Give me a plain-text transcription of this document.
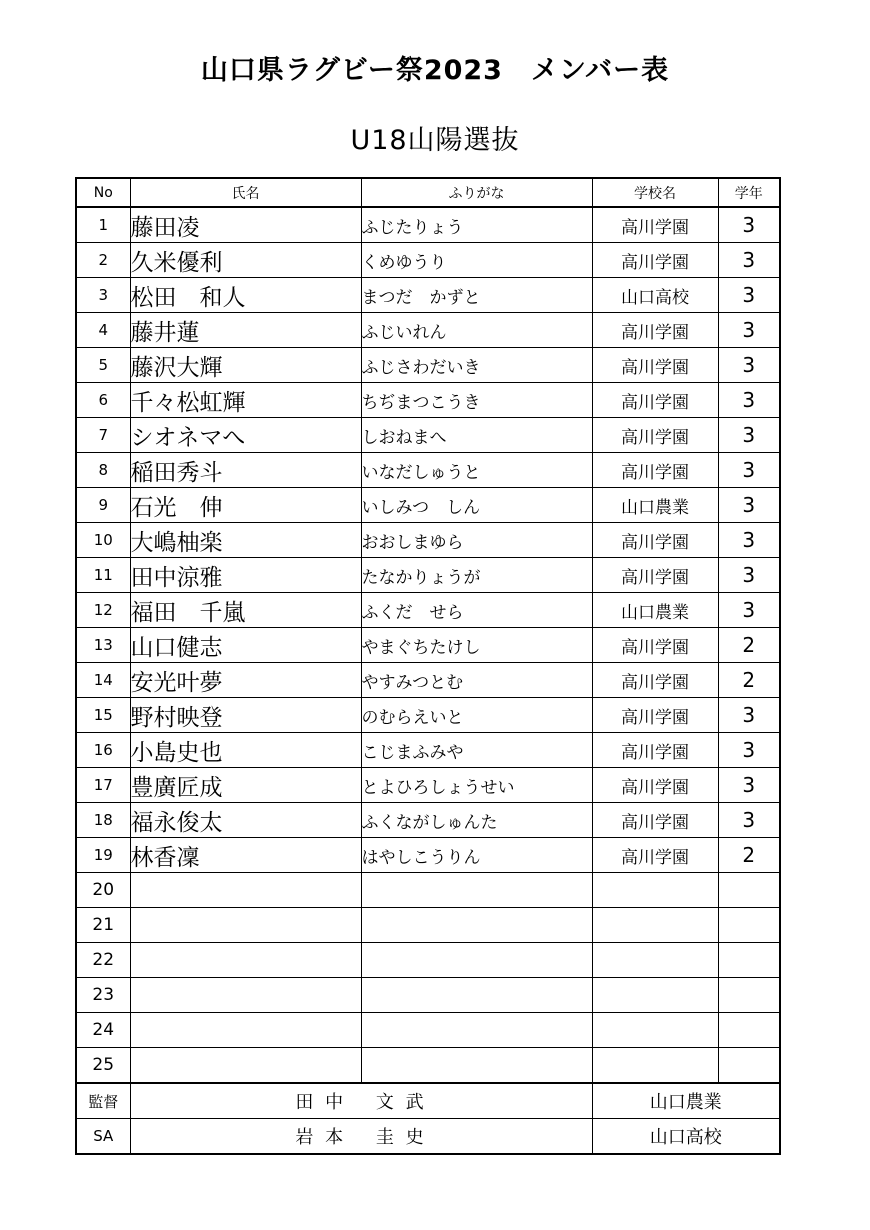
山口県ラグビー祭2023　メンバー表
U18山陽選抜
No	氏名	ふりがな	学校名	学年
1	藤田凌	ふじたりょう	高川学園	3
2	久米優利	くめゆうり	高川学園	3
3	松田　和人	まつだ　かずと	山口高校	3
4	藤井蓮	ふじいれん	高川学園	3
5	藤沢大輝	ふじさわだいき	高川学園	3
6	千々松虹輝	ちぢまつこうき	高川学園	3
7	シオネマへ	しおねまへ	高川学園	3
8	稲田秀斗	いなだしゅうと	高川学園	3
9	石光　伸	いしみつ　しん	山口農業	3
10	大嶋柚楽	おおしまゆら	高川学園	3
11	田中涼雅	たなかりょうが	高川学園	3
12	福田　千嵐	ふくだ　せら	山口農業	3
13	山口健志	やまぐちたけし	高川学園	2
14	安光叶夢	やすみつとむ	高川学園	2
15	野村映登	のむらえいと	高川学園	3
16	小島史也	こじまふみや	高川学園	3
17	豊廣匠成	とよひろしょうせい	高川学園	3
18	福永俊太	ふくながしゅんた	高川学園	3
19	林香凜	はやしこうりん	高川学園	2
20				
21				
22				
23				
24				
25				
監督	田 中　 文 武		山口農業	
SA	岩 本　 圭 史		山口高校	
